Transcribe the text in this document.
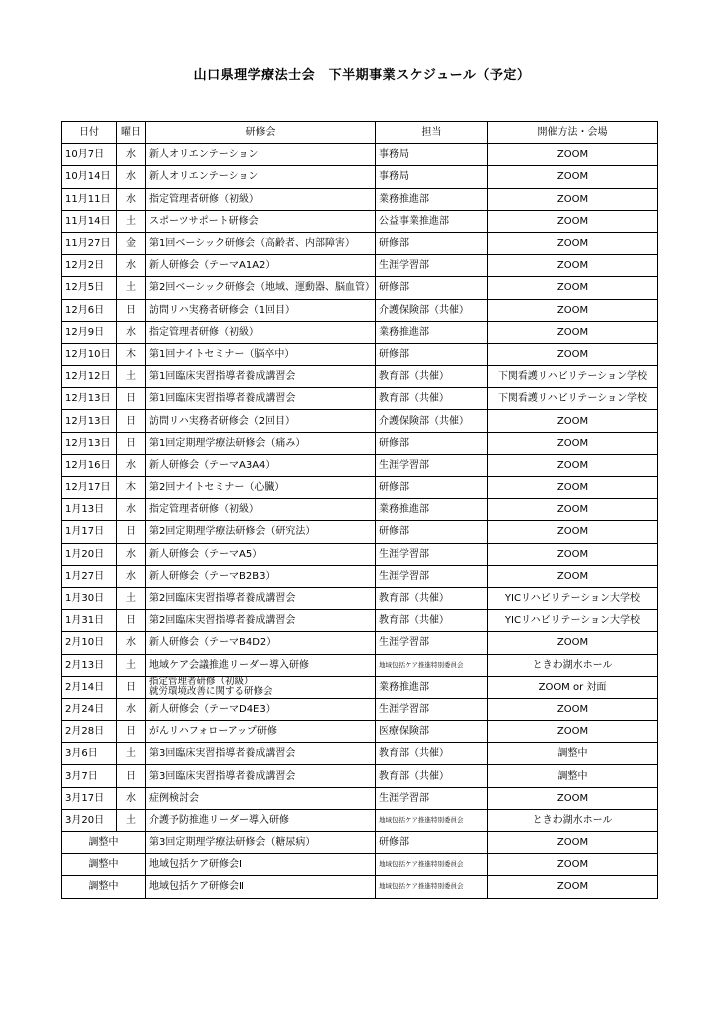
山口県理学療法士会　下半期事業スケジュール（予定）
日付	曜日	研修会	担当	開催方法・会場
10月7日	水	新人オリエンテーション	事務局	ZOOM
10月14日	水	新人オリエンテーション	事務局	ZOOM
11月11日	水	指定管理者研修（初級）	業務推進部	ZOOM
11月14日	土	スポーツサポート研修会	公益事業推進部	ZOOM
11月27日	金	第1回ベーシック研修会（高齢者、内部障害）	研修部	ZOOM
12月2日	水	新人研修会（テーマA1A2）	生涯学習部	ZOOM
12月5日	土	第2回ベーシック研修会（地域、運動器、脳血管）	研修部	ZOOM
12月6日	日	訪問リハ実務者研修会（1回目）	介護保険部（共催）	ZOOM
12月9日	水	指定管理者研修（初級）	業務推進部	ZOOM
12月10日	木	第1回ナイトセミナー（脳卒中）	研修部	ZOOM
12月12日	土	第1回臨床実習指導者養成講習会	教育部（共催）	下関看護リハビリテーション学校
12月13日	日	第1回臨床実習指導者養成講習会	教育部（共催）	下関看護リハビリテーション学校
12月13日	日	訪問リハ実務者研修会（2回目）	介護保険部（共催）	ZOOM
12月13日	日	第1回定期理学療法研修会（痛み）	研修部	ZOOM
12月16日	水	新人研修会（テーマA3A4）	生涯学習部	ZOOM
12月17日	木	第2回ナイトセミナー（心臓）	研修部	ZOOM
1月13日	水	指定管理者研修（初級）	業務推進部	ZOOM
1月17日	日	第2回定期理学療法研修会（研究法）	研修部	ZOOM
1月20日	水	新人研修会（テーマA5）	生涯学習部	ZOOM
1月27日	水	新人研修会（テーマB2B3）	生涯学習部	ZOOM
1月30日	土	第2回臨床実習指導者養成講習会	教育部（共催）	YICリハビリテーション大学校
1月31日	日	第2回臨床実習指導者養成講習会	教育部（共催）	YICリハビリテーション大学校
2月10日	水	新人研修会（テーマB4D2）	生涯学習部	ZOOM
2月13日	土	地域ケア会議推進リーダー導入研修	地域包括ケア推進特別委員会	ときわ湖水ホール
2月14日	日	指定管理者研修（初級）
就労環境改善に関する研修会	業務推進部	ZOOM or 対面
2月24日	水	新人研修会（テーマD4E3）	生涯学習部	ZOOM
2月28日	日	がんリハフォローアップ研修	医療保険部	ZOOM
3月6日	土	第3回臨床実習指導者養成講習会	教育部（共催）	調整中
3月7日	日	第3回臨床実習指導者養成講習会	教育部（共催）	調整中
3月17日	水	症例検討会	生涯学習部	ZOOM
3月20日	土	介護予防推進リーダー導入研修	地域包括ケア推進特別委員会	ときわ湖水ホール
調整中		第3回定期理学療法研修会（糖尿病）	研修部	ZOOM
調整中		地域包括ケア研修会Ⅰ	地域包括ケア推進特別委員会	ZOOM
調整中		地域包括ケア研修会Ⅱ	地域包括ケア推進特別委員会	ZOOM
